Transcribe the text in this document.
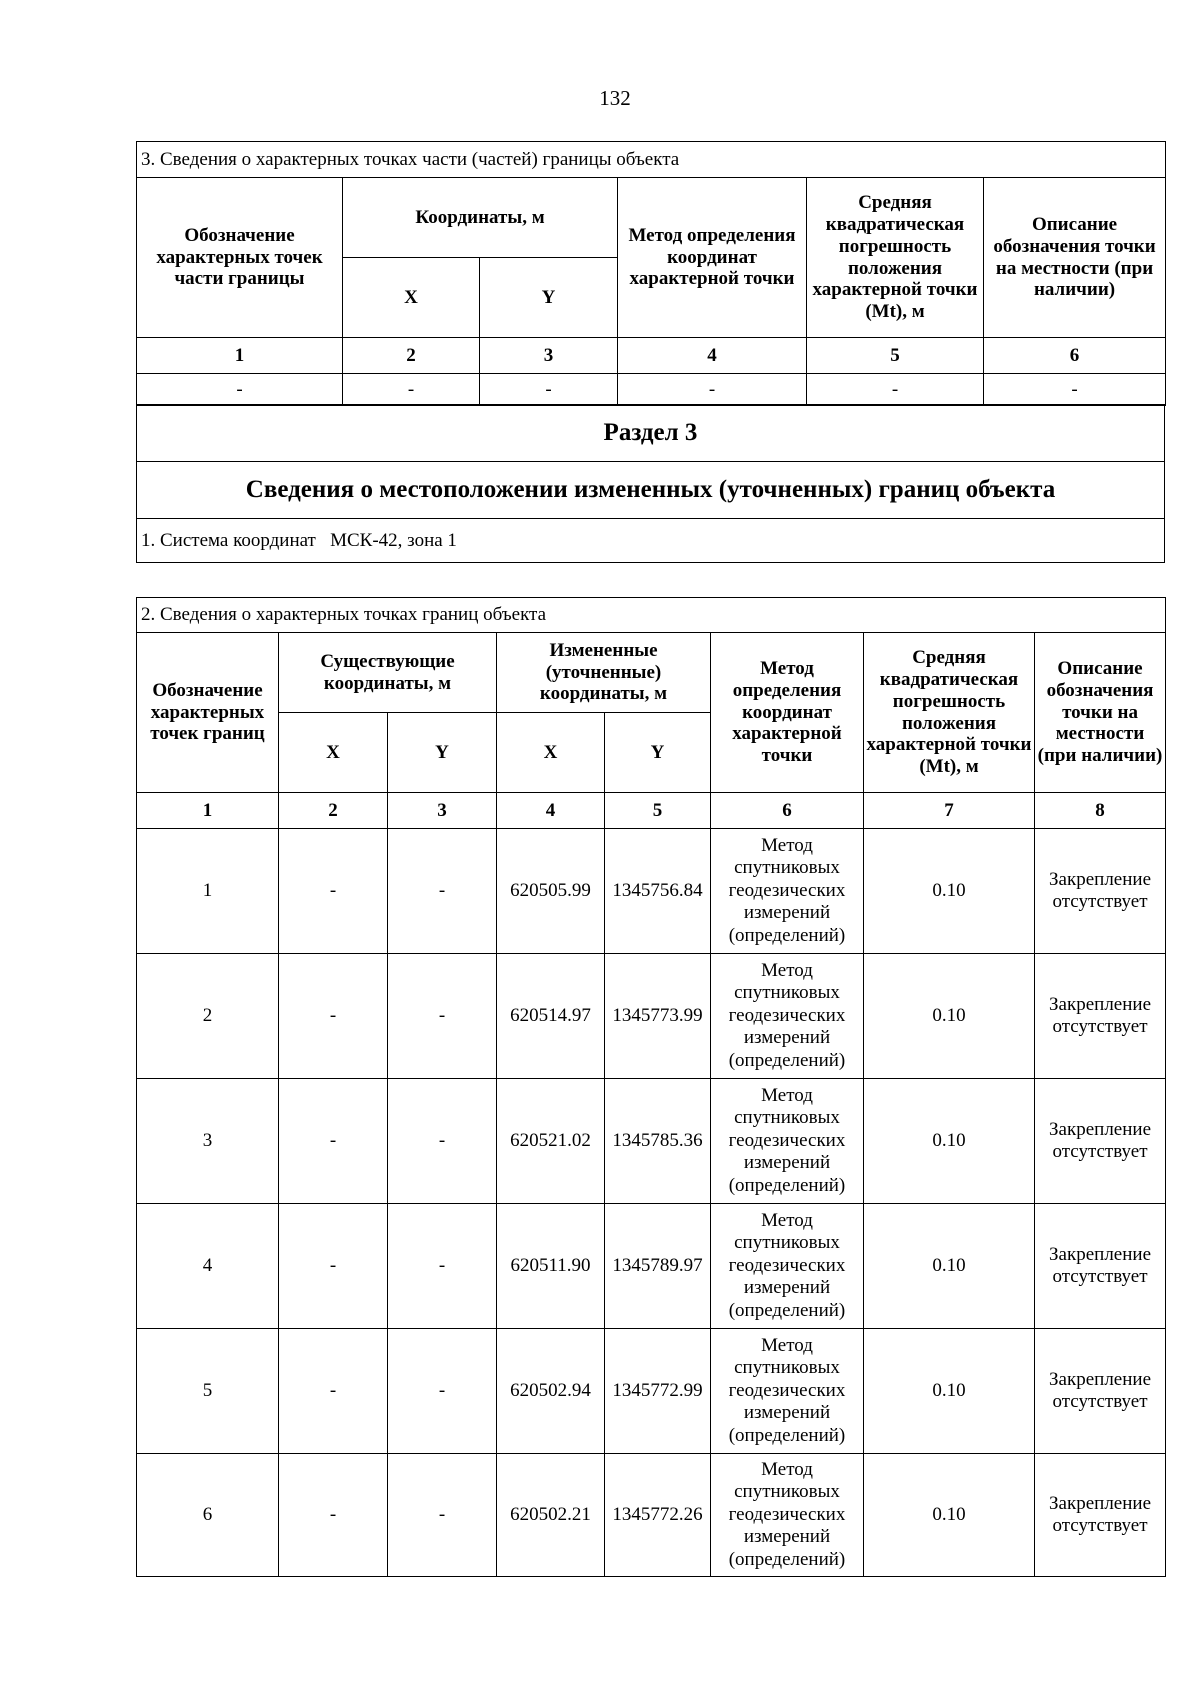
132
3. Сведения о характерных точках части (частей) границы объекта					
Обозначение характерных точек части границы	Координаты, м		Метод определения координат характерной точки	Средняя квадратическая погрешность положения характерной точки (Mt), м	Описание обозначения точки на местности (при наличии)
	X	Y			
1	2	3	4	5	6
-	-	-	-	-	-
Раздел 3
Сведения о местоположении измененных (уточненных) границ объекта
1. Система координат МСК-42, зона 1
2. Сведения о характерных точках границ объекта							
Обозначение характерных точек границ	Существующие координаты, м		Измененные (уточненные) координаты, м		Метод определения координат характерной точки	Средняя квадратическая погрешность положения характерной точки (Mt), м	Описание обозначения точки на местности (при наличии)
	X	Y	X	Y			
1	2	3	4	5	6	7	8
1	-	-	620505.99	1345756.84	Метод спутниковых геодезических измерений (определений)	0.10	Закрепление отсутствует
2	-	-	620514.97	1345773.99	Метод спутниковых геодезических измерений (определений)	0.10	Закрепление отсутствует
3	-	-	620521.02	1345785.36	Метод спутниковых геодезических измерений (определений)	0.10	Закрепление отсутствует
4	-	-	620511.90	1345789.97	Метод спутниковых геодезических измерений (определений)	0.10	Закрепление отсутствует
5	-	-	620502.94	1345772.99	Метод спутниковых геодезических измерений (определений)	0.10	Закрепление отсутствует
6	-	-	620502.21	1345772.26	Метод спутниковых геодезических измерений (определений)	0.10	Закрепление отсутствует
